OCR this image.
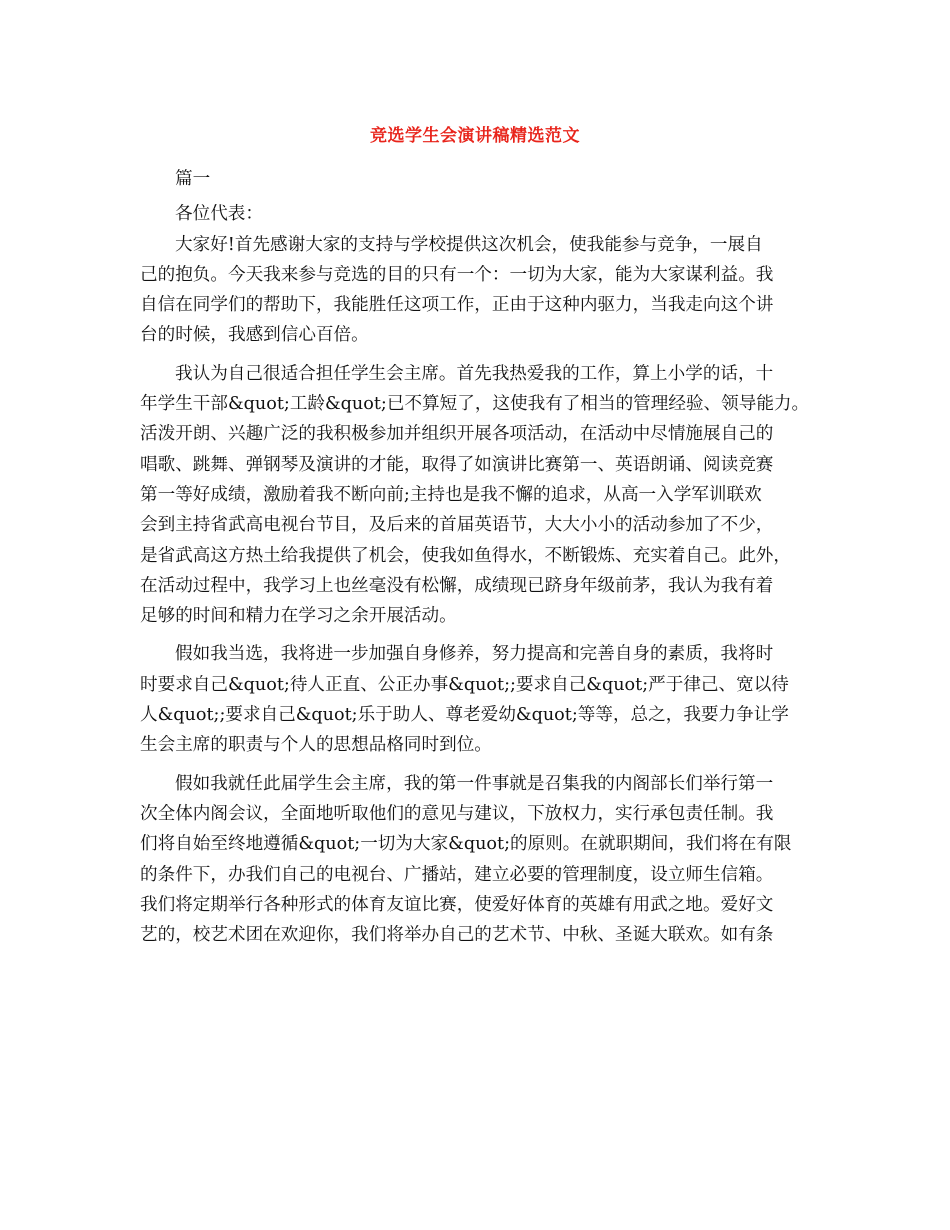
竞选学生会演讲稿精选范文
篇一
各位代表：
大家好!首先感谢大家的支持与学校提供这次机会，使我能参与竞争，一展自
己的抱负。今天我来参与竞选的目的只有一个：一切为大家，能为大家谋利益。我
自信在同学们的帮助下，我能胜任这项工作，正由于这种内驱力，当我走向这个讲
台的时候，我感到信心百倍。
我认为自己很适合担任学生会主席。首先我热爱我的工作，算上小学的话，十
年学生干部&quot;工龄&quot;已不算短了，这使我有了相当的管理经验、领导能力。
活泼开朗、兴趣广泛的我积极参加并组织开展各项活动，在活动中尽情施展自己的
唱歌、跳舞、弹钢琴及演讲的才能，取得了如演讲比赛第一、英语朗诵、阅读竞赛
第一等好成绩，激励着我不断向前;主持也是我不懈的追求，从高一入学军训联欢
会到主持省武高电视台节目，及后来的首届英语节，大大小小的活动参加了不少，
是省武高这方热土给我提供了机会，使我如鱼得水，不断锻炼、充实着自己。此外，
在活动过程中，我学习上也丝毫没有松懈，成绩现已跻身年级前茅，我认为我有着
足够的时间和精力在学习之余开展活动。
假如我当选，我将进一步加强自身修养，努力提高和完善自身的素质，我将时
时要求自己&quot;待人正直、公正办事&quot;;要求自己&quot;严于律己、宽以待
人&quot;;要求自己&quot;乐于助人、尊老爱幼&quot;等等，总之，我要力争让学
生会主席的职责与个人的思想品格同时到位。
假如我就任此届学生会主席，我的第一件事就是召集我的内阁部长们举行第一
次全体内阁会议，全面地听取他们的意见与建议，下放权力，实行承包责任制。我
们将自始至终地遵循&quot;一切为大家&quot;的原则。在就职期间，我们将在有限
的条件下，办我们自己的电视台、广播站，建立必要的管理制度，设立师生信箱。
我们将定期举行各种形式的体育友谊比赛，使爱好体育的英雄有用武之地。爱好文
艺的，校艺术团在欢迎你，我们将举办自己的艺术节、中秋、圣诞大联欢。如有条
